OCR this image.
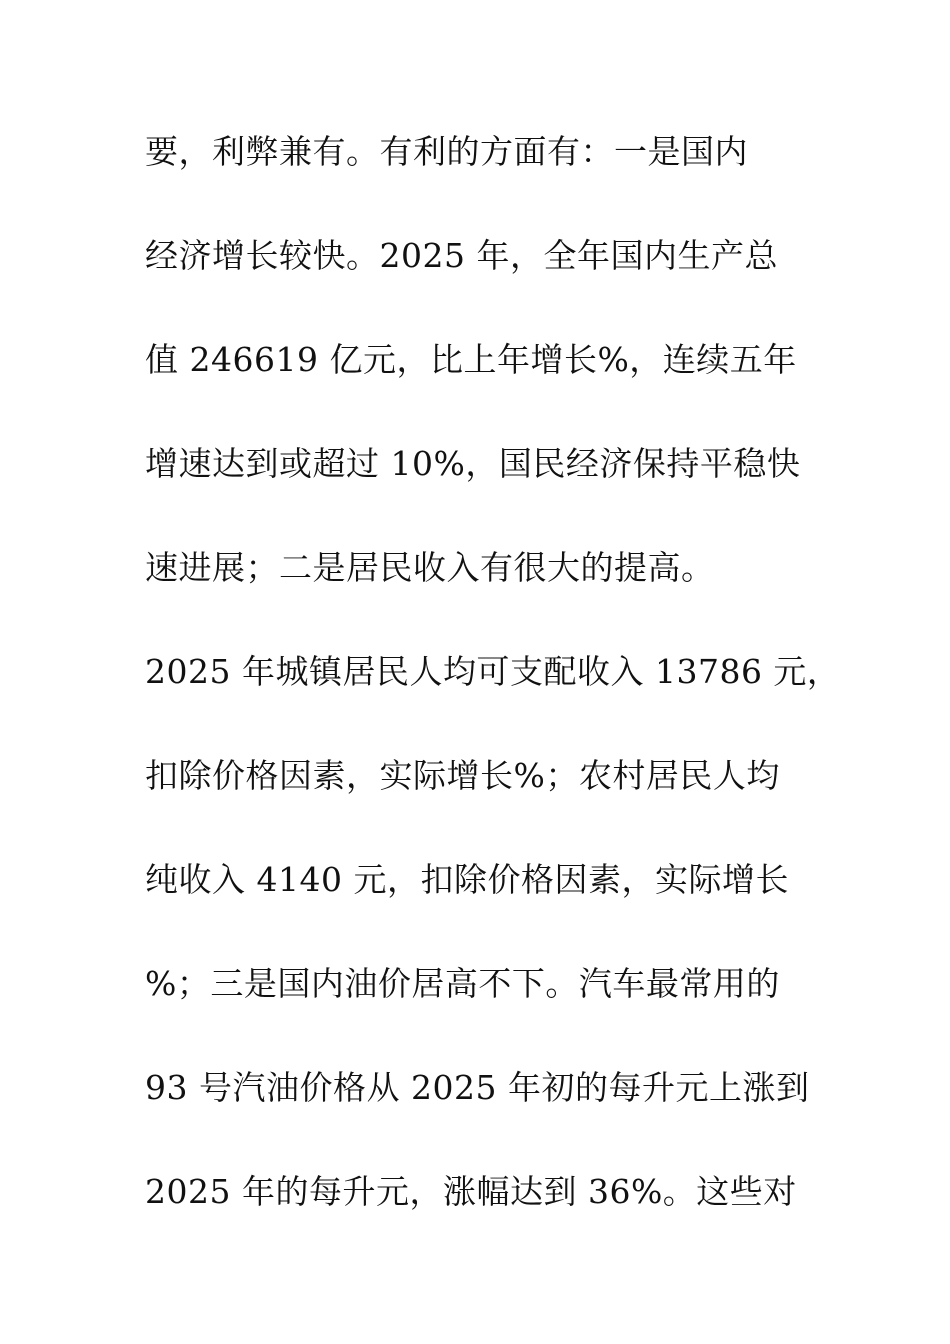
要，利弊兼有。有利的方面有：一是国内
经济增长较快。2025 年，全年国内生产总
值 246619 亿元，比上年增长%，连续五年
增速达到或超过 10%，国民经济保持平稳快
速进展；二是居民收入有很大的提高。
2025 年城镇居民人均可支配收入 13786 元，
扣除价格因素，实际增长%；农村居民人均
纯收入 4140 元，扣除价格因素，实际增长
%；三是国内油价居高不下。汽车最常用的
93 号汽油价格从 2025 年初的每升元上涨到
2025 年的每升元，涨幅达到 36%。这些对
